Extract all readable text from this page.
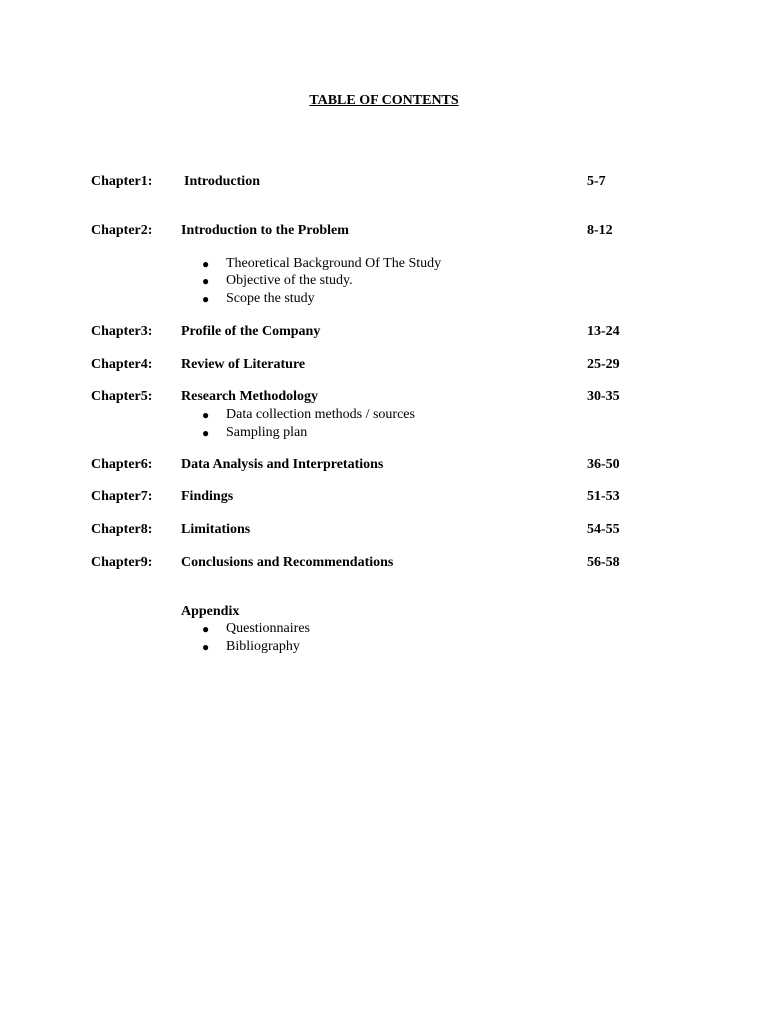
TABLE OF CONTENTS
Chapter1: Introduction	5-7
Chapter2: Introduction to the Problem	8-12
● Theoretical Background Of The Study
● Objective of the study.
● Scope the study
Chapter3: Profile of the Company	13-24
Chapter4: Review of Literature	25-29
Chapter5: Research Methodology	30-35
● Data collection methods / sources
● Sampling plan
Chapter6: Data Analysis and Interpretations	36-50
Chapter7: Findings	51-53
Chapter8: Limitations	54-55
Chapter9: Conclusions and Recommendations	56-58
Appendix
● Questionnaires
● Bibliography
